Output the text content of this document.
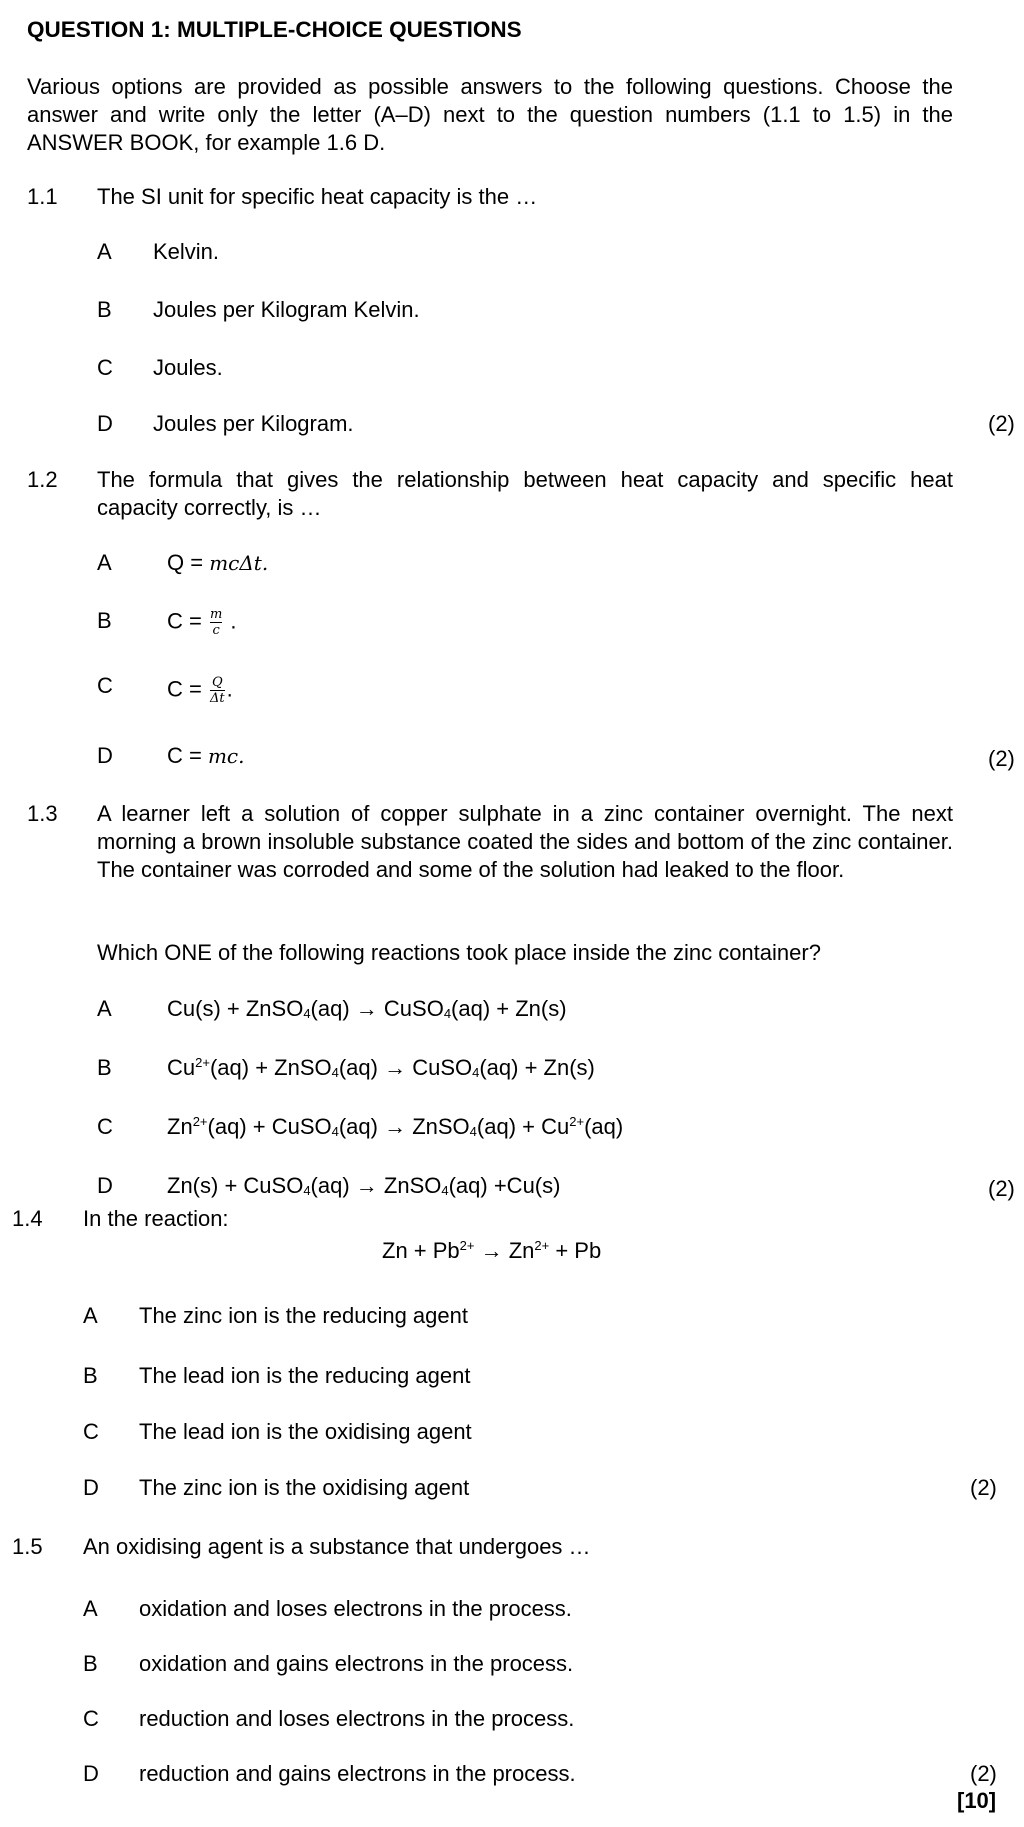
QUESTION 1: MULTIPLE-CHOICE QUESTIONS
Various options are provided as possible answers to the following questions. Choose the answer and write only the letter (A–D) next to the question numbers (1.1 to 1.5) in the ANSWER BOOK, for example 1.6 D.
1.1 The SI unit for specific heat capacity is the …
A Kelvin.
B Joules per Kilogram Kelvin.
C Joules.
D Joules per Kilogram.	(2)
1.2 The formula that gives the relationship between heat capacity and specific heat capacity correctly, is …
A	Q = mcΔt.
B	$C = \frac{m}{c}$ .
C $C = \frac{Q}{\Delta t}$ .
D C = mc.	(2)
1.3 A learner left a solution of copper sulphate in a zinc container overnight. The next morning a brown insoluble substance coated the sides and bottom of the zinc container. The container was corroded and some of the solution had leaked to the floor.
Which ONE of the following reactions took place inside the zinc container?
A	Cu(s) + ZnSO$_4$(aq) → CuSO$_4$(aq) + Zn(s)
B	$Cu^{2+}(aq)$ + ZnSO$_4$(aq) → CuSO$_4$(aq) + Zn(s)
C $Zn^{2+}(aq)$ + CuSO$_4$(aq) → ZnSO$_4$(aq) + $Cu^{2+}(aq)$
D Zn(s) + CuSO$_4$(aq) → ZnSO$_4$(aq) +Cu(s)	(2)
1.4 In the reaction:
$Zn + Pb^{2+} \to Zn^{2+} + Pb$
A The zinc ion is the reducing agent
B The lead ion is the reducing agent
C The lead ion is the oxidising agent
D The zinc ion is the oxidising agent	(2)
1.5 An oxidising agent is a substance that undergoes …
A oxidation and loses electrons in the process.
B oxidation and gains electrons in the process.
C reduction and loses electrons in the process.
D reduction and gains electrons in the process.	(2)
[10]
